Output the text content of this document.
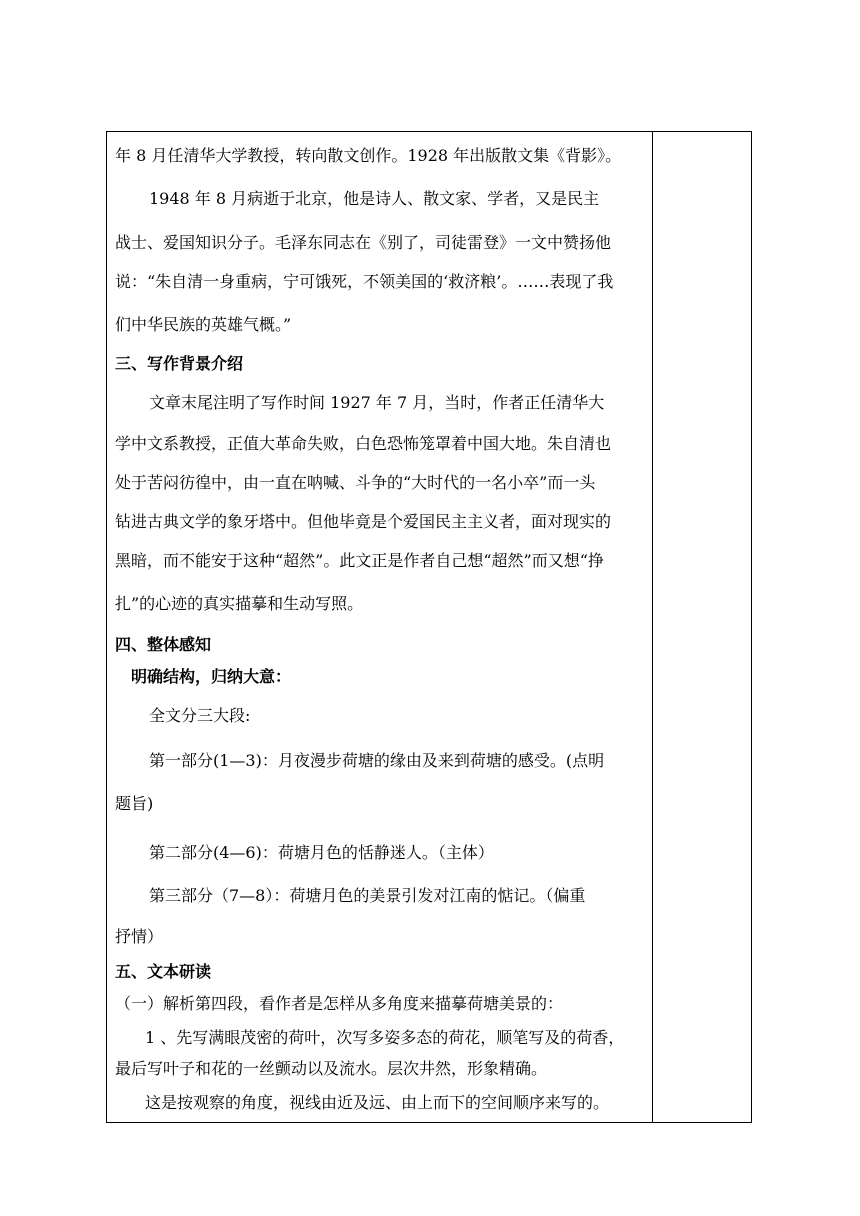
年 8 月任清华大学教授，转向散文创作。1928 年出版散文集《背影》。
1948 年 8 月病逝于北京，他是诗人、散文家、学者，又是民主
战士、爱国知识分子。毛泽东同志在《别了，司徒雷登》一文中赞扬他
说：“朱自清一身重病，宁可饿死，不领美国的‘救济粮’。……表现了我
们中华民族的英雄气概。”
三、写作背景介绍
文章末尾注明了写作时间 1927 年 7 月，当时，作者正任清华大
学中文系教授，正值大革命失败，白色恐怖笼罩着中国大地。朱自清也
处于苦闷彷徨中，由一直在呐喊、斗争的“大时代的一名小卒”而一头
钻进古典文学的象牙塔中。但他毕竟是个爱国民主主义者，面对现实的
黑暗，而不能安于这种“超然”。此文正是作者自己想“超然”而又想“挣
扎”的心迹的真实描摹和生动写照。
四、整体感知
明确结构，归纳大意：
全文分三大段:
第一部分(1—3)：月夜漫步荷塘的缘由及来到荷塘的感受。(点明
题旨)
第二部分(4—6)：荷塘月色的恬静迷人。（主体）
第三部分（7—8）：荷塘月色的美景引发对江南的惦记。（偏重
抒情）
五、文本研读
（一）解析第四段，看作者是怎样从多角度来描摹荷塘美景的：
1 、先写满眼茂密的荷叶，次写多姿多态的荷花，顺笔写及的荷香，
最后写叶子和花的一丝颤动以及流水。层次井然，形象精确。
这是按观察的角度，视线由近及远、由上而下的空间顺序来写的。
